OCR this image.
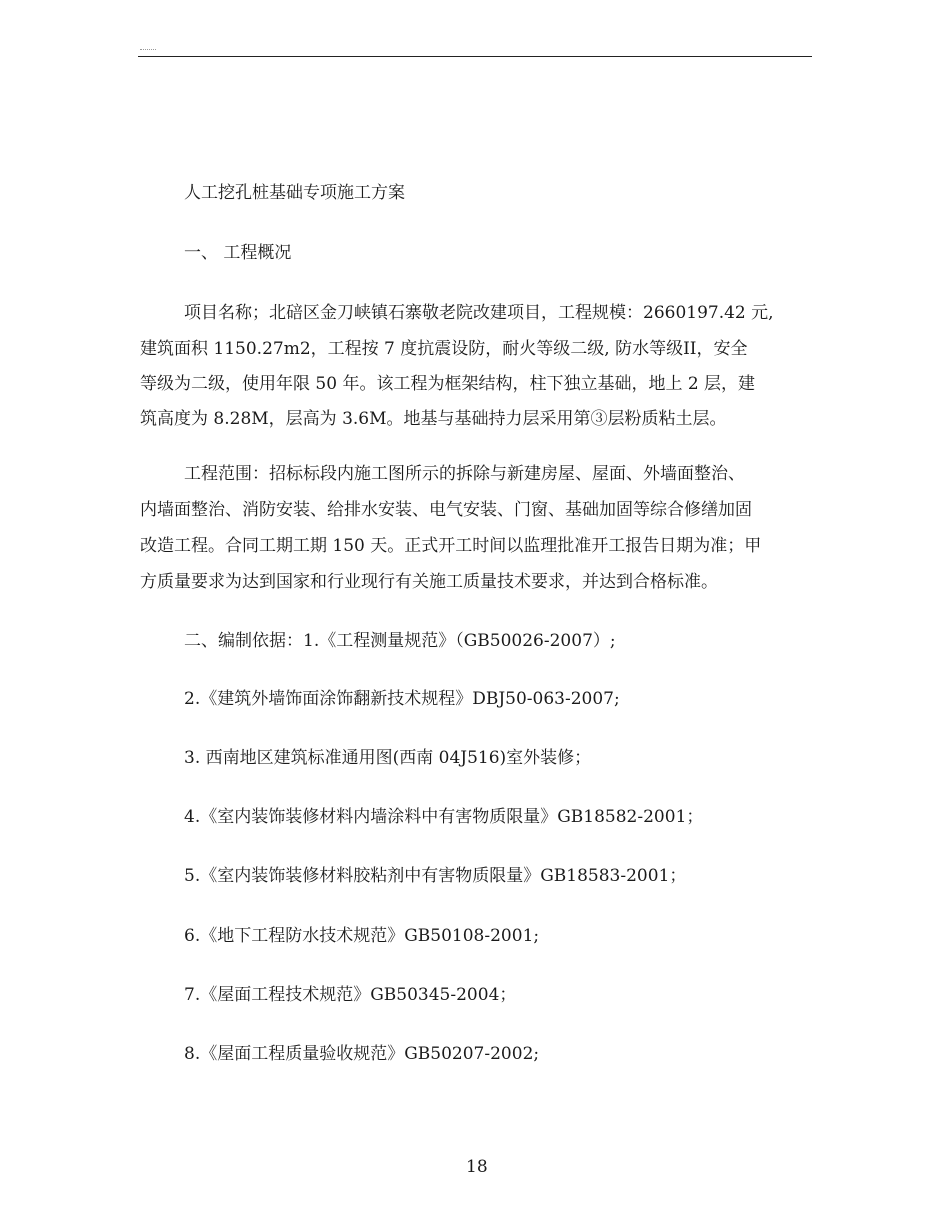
人工挖孔桩基础专项施工方案
一、 工程概况
项目名称；北碚区金刀峡镇石寨敬老院改建项目，工程规模：2660197.42 元,
建筑面积 1150.27m2，工程按 7 度抗震设防，耐火等级二级, 防水等级ⅠI，安全
等级为二级，使用年限 50 年。该工程为框架结构，柱下独立基础，地上 2 层，建
筑高度为 8.28M，层高为 3.6M。地基与基础持力层采用第③层粉质粘土层。
工程范围：招标标段内施工图所示的拆除与新建房屋、屋面、外墙面整治、
内墙面整治、消防安装、给排水安装、电气安装、门窗、基础加固等综合修缮加固
改造工程。合同工期工期 150 天。正式开工时间以监理批准开工报告日期为准；甲
方质量要求为达到国家和行业现行有关施工质量技术要求，并达到合格标准。
二、编制依据：1.《工程测量规范》（GB50026-2007）;
2.《建筑外墙饰面涂饰翻新技术规程》DBJ50-063-2007;
3. 西南地区建筑标准通用图(西南 04J516)室外装修；
4.《室内装饰装修材料内墙涂料中有害物质限量》GB18582-2001；
5.《室内装饰装修材料胶粘剂中有害物质限量》GB18583-2001；
6.《地下工程防水技术规范》GB50108-2001;
7.《屋面工程技术规范》GB50345-2004；
8.《屋面工程质量验收规范》GB50207-2002;
18
